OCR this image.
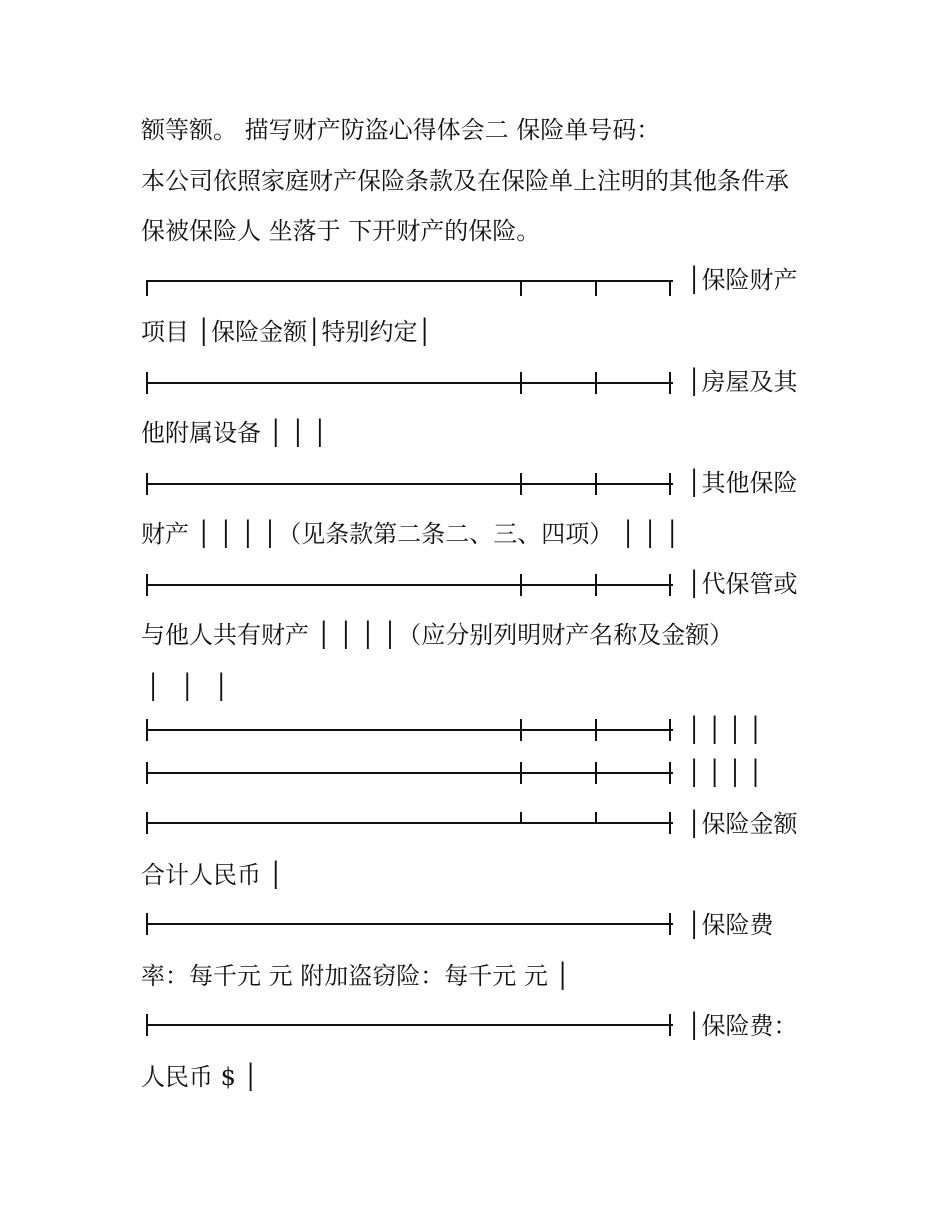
额等额。 描写财产防盗心得体会二 保险单号码：
本公司依照家庭财产保险条款及在保险单上注明的其他条件承
保被保险人 坐落于 下开财产的保险。
│保险财产
项目 │保险金额│特别约定│
│房屋及其
他附属设备 │ │ │
│其他保险
财产 │ │ │ │（见条款第二条二、三、四项） │ │ │
│代保管或
与他人共有财产 │ │ │ │（应分别列明财产名称及金额）
│ │ │
││││
││││
│保险金额
合计人民币 │
│保险费
率：每千元 元 附加盗窃险：每千元 元 │
│保险费：
人民币 $ │
